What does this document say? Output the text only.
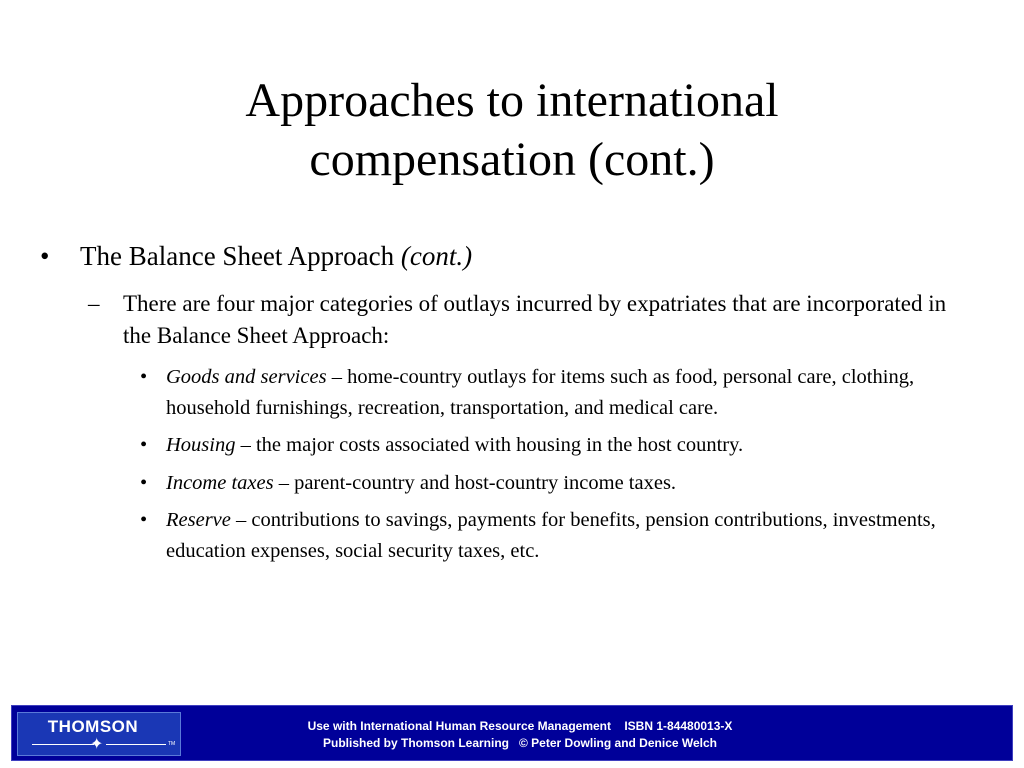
Approaches to international
compensation (cont.)
• The Balance Sheet Approach (cont.)
– There are four major categories of outlays incurred by expatriates that are incorporated in the Balance Sheet Approach:
• Goods and services – home-country outlays for items such as food, personal care, clothing, household furnishings, recreation, transportation, and medical care.
• Housing – the major costs associated with housing in the host country.
• Income taxes – parent-country and host-country income taxes.
• Reserve – contributions to savings, payments for benefits, pension contributions, investments, education expenses, social security taxes, etc.
THOMSON
✦	TM
Use with International Human Resource Management    ISBN 1-84480013-X
Published by Thomson Learning   © Peter Dowling and Denice Welch
